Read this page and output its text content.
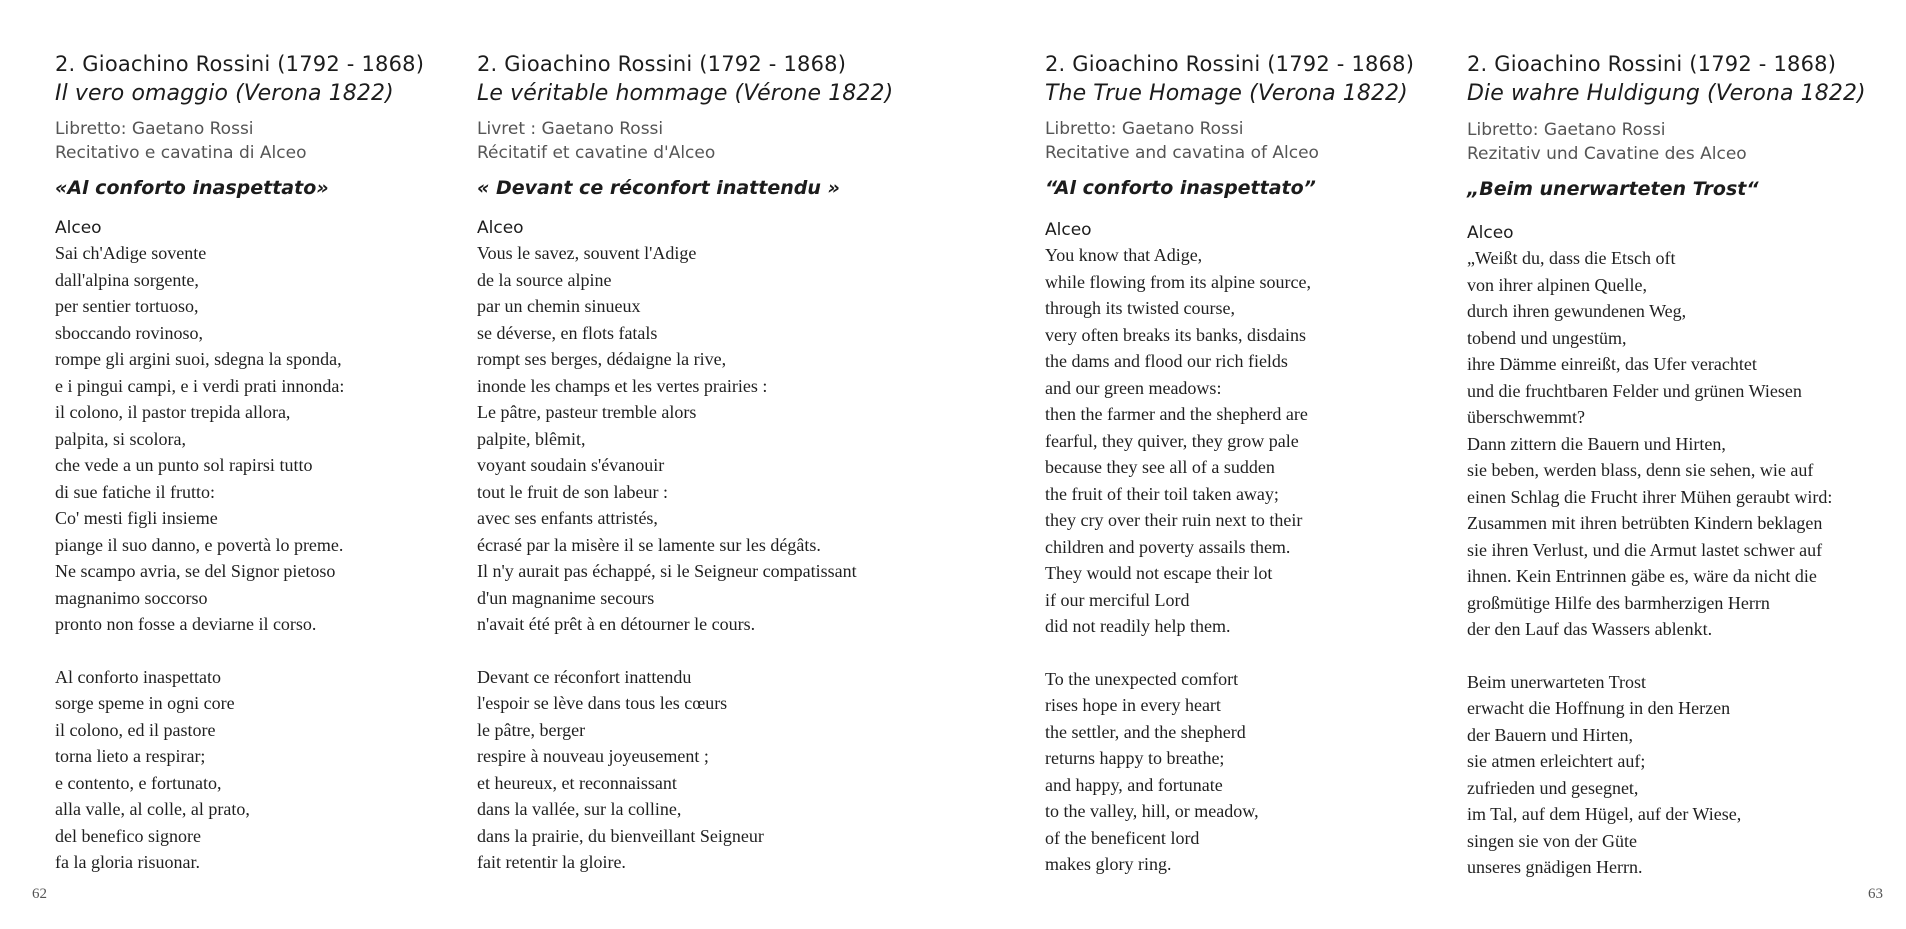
2. Gioachino Rossini (1792 - 1868)
Il vero omaggio (Verona 1822)
Libretto: Gaetano Rossi
Recitativo e cavatina di Alceo
«Al conforto inaspettato»
Alceo
Sai ch'Adige sovente
dall'alpina sorgente,
per sentier tortuoso,
sboccando rovinoso,
rompe gli argini suoi, sdegna la sponda,
e i pingui campi, e i verdi prati innonda:
il colono, il pastor trepida allora,
palpita, si scolora,
che vede a un punto sol rapirsi tutto
di sue fatiche il frutto:
Co' mesti figli insieme
piange il suo danno, e povertà lo preme.
Ne scampo avria, se del Signor pietoso
magnanimo soccorso
pronto non fosse a deviarne il corso.
Al conforto inaspettato
sorge speme in ogni core
il colono, ed il pastore
torna lieto a respirar;
e contento, e fortunato,
alla valle, al colle, al prato,
del benefico signore
fa la gloria risuonar.
2. Gioachino Rossini (1792 - 1868)
Le véritable hommage (Vérone 1822)
Livret : Gaetano Rossi
Récitatif et cavatine d'Alceo
« Devant ce réconfort inattendu »
Alceo
Vous le savez, souvent l'Adige
de la source alpine
par un chemin sinueux
se déverse, en flots fatals
rompt ses berges, dédaigne la rive,
inonde les champs et les vertes prairies :
Le pâtre, pasteur tremble alors
palpite, blêmit,
voyant soudain s'évanouir
tout le fruit de son labeur :
avec ses enfants attristés,
écrasé par la misère il se lamente sur les dégâts.
Il n'y aurait pas échappé, si le Seigneur compatissant
d'un magnanime secours
n'avait été prêt à en détourner le cours.
Devant ce réconfort inattendu
l'espoir se lève dans tous les cœurs
le pâtre, berger
respire à nouveau joyeusement ;
et heureux, et reconnaissant
dans la vallée, sur la colline,
dans la prairie, du bienveillant Seigneur
fait retentir la gloire.
2. Gioachino Rossini (1792 - 1868)
The True Homage (Verona 1822)
Libretto: Gaetano Rossi
Recitative and cavatina of Alceo
“Al conforto inaspettato”
Alceo
You know that Adige,
while flowing from its alpine source,
through its twisted course,
very often breaks its banks, disdains
the dams and flood our rich fields
and our green meadows:
then the farmer and the shepherd are
fearful, they quiver, they grow pale
because they see all of a sudden
the fruit of their toil taken away;
they cry over their ruin next to their
children and poverty assails them.
They would not escape their lot
if our merciful Lord
did not readily help them.
To the unexpected comfort
rises hope in every heart
the settler, and the shepherd
returns happy to breathe;
and happy, and fortunate
to the valley, hill, or meadow,
of the beneficent lord
makes glory ring.
2. Gioachino Rossini (1792 - 1868)
Die wahre Huldigung (Verona 1822)
Libretto: Gaetano Rossi
Rezitativ und Cavatine des Alceo
„Beim unerwarteten Trost“
Alceo
„Weißt du, dass die Etsch oft
von ihrer alpinen Quelle,
durch ihren gewundenen Weg,
tobend und ungestüm,
ihre Dämme einreißt, das Ufer verachtet
und die fruchtbaren Felder und grünen Wiesen
überschwemmt?
Dann zittern die Bauern und Hirten,
sie beben, werden blass, denn sie sehen, wie auf
einen Schlag die Frucht ihrer Mühen geraubt wird:
Zusammen mit ihren betrübten Kindern beklagen
sie ihren Verlust, und die Armut lastet schwer auf
ihnen. Kein Entrinnen gäbe es, wäre da nicht die
großmütige Hilfe des barmherzigen Herrn
der den Lauf das Wassers ablenkt.
Beim unerwarteten Trost
erwacht die Hoffnung in den Herzen
der Bauern und Hirten,
sie atmen erleichtert auf;
zufrieden und gesegnet,
im Tal, auf dem Hügel, auf der Wiese,
singen sie von der Güte
unseres gnädigen Herrn.
62	63
